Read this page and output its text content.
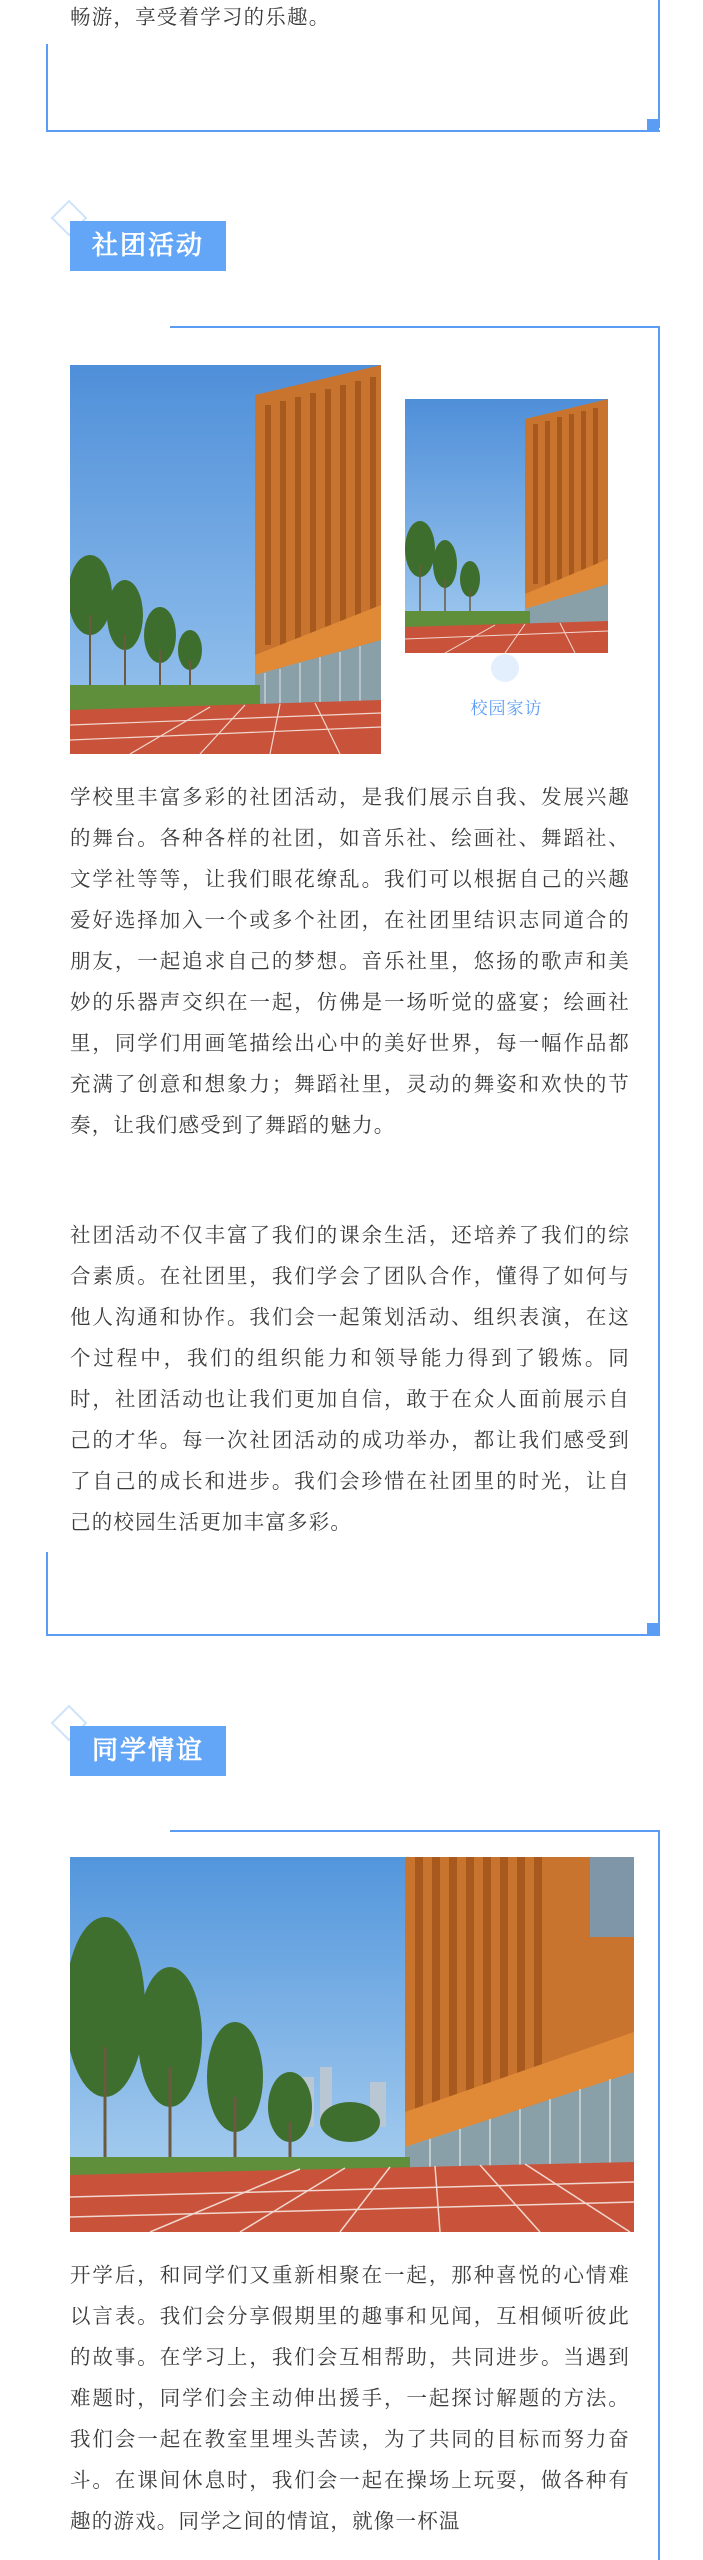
畅游，享受着学习的乐趣。

社团活动
校园家访

学校里丰富多彩的社团活动，是我们展示自我、发展兴趣的舞台。各种各样的社团，如音乐社、绘画社、舞蹈社、文学社等等，让我们眼花缭乱。我们可以根据自己的兴趣爱好选择加入一个或多个社团，在社团里结识志同道合的朋友，一起追求自己的梦想。音乐社里，悠扬的歌声和美妙的乐器声交织在一起，仿佛是一场听觉的盛宴；绘画社里，同学们用画笔描绘出心中的美好世界，每一幅作品都充满了创意和想象力；舞蹈社里，灵动的舞姿和欢快的节奏，让我们感受到了舞蹈的魅力。

社团活动不仅丰富了我们的课余生活，还培养了我们的综合素质。在社团里，我们学会了团队合作，懂得了如何与他人沟通和协作。我们会一起策划活动、组织表演，在这个过程中，我们的组织能力和领导能力得到了锻炼。同时，社团活动也让我们更加自信，敢于在众人面前展示自己的才华。每一次社团活动的成功举办，都让我们感受到了自己的成长和进步。我们会珍惜在社团里的时光，让自己的校园生活更加丰富多彩。

同学情谊

开学后，和同学们又重新相聚在一起，那种喜悦的心情难以言表。我们会分享假期里的趣事和见闻，互相倾听彼此的故事。在学习上，我们会互相帮助，共同进步。当遇到难题时，同学们会主动伸出援手，一起探讨解题的方法。我们会一起在教室里埋头苦读，为了共同的目标而努力奋斗。在课间休息时，我们会一起在操场上玩耍，做各种有趣的游戏。同学之间的情谊，就像一杯温
